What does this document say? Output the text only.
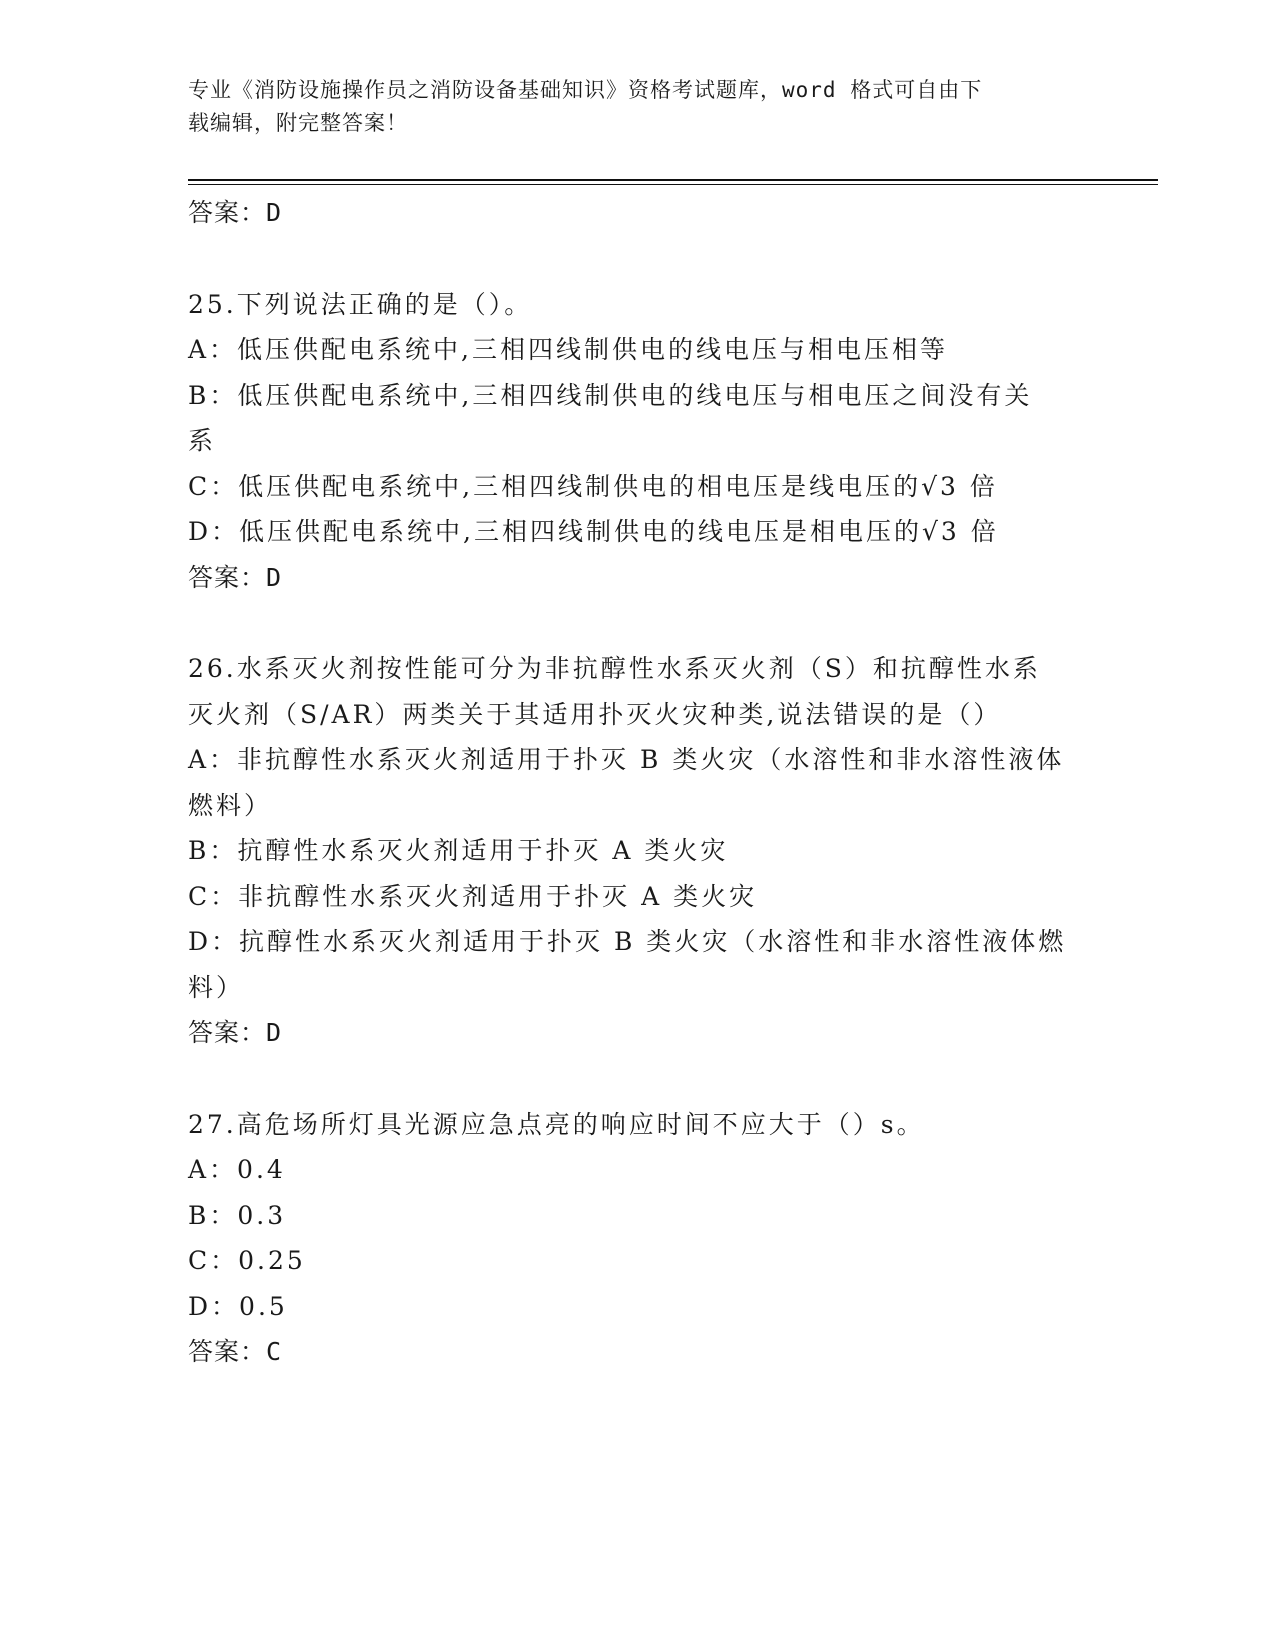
专业《消防设施操作员之消防设备基础知识》资格考试题库，word 格式可自由下
载编辑，附完整答案！
答案：D
25.下列说法正确的是（）。
A：低压供配电系统中,三相四线制供电的线电压与相电压相等
B：低压供配电系统中,三相四线制供电的线电压与相电压之间没有关
系
C：低压供配电系统中,三相四线制供电的相电压是线电压的√3 倍
D：低压供配电系统中,三相四线制供电的线电压是相电压的√3 倍
答案：D
26.水系灭火剂按性能可分为非抗醇性水系灭火剂（S）和抗醇性水系
灭火剂（S/AR）两类关于其适用扑灭火灾种类,说法错误的是（）
A：非抗醇性水系灭火剂适用于扑灭 B 类火灾（水溶性和非水溶性液体
燃料）
B：抗醇性水系灭火剂适用于扑灭 A 类火灾
C：非抗醇性水系灭火剂适用于扑灭 A 类火灾
D：抗醇性水系灭火剂适用于扑灭 B 类火灾（水溶性和非水溶性液体燃
料）
答案：D
27.高危场所灯具光源应急点亮的响应时间不应大于（）s。
A：0.4
B：0.3
C：0.25
D：0.5
答案：C
